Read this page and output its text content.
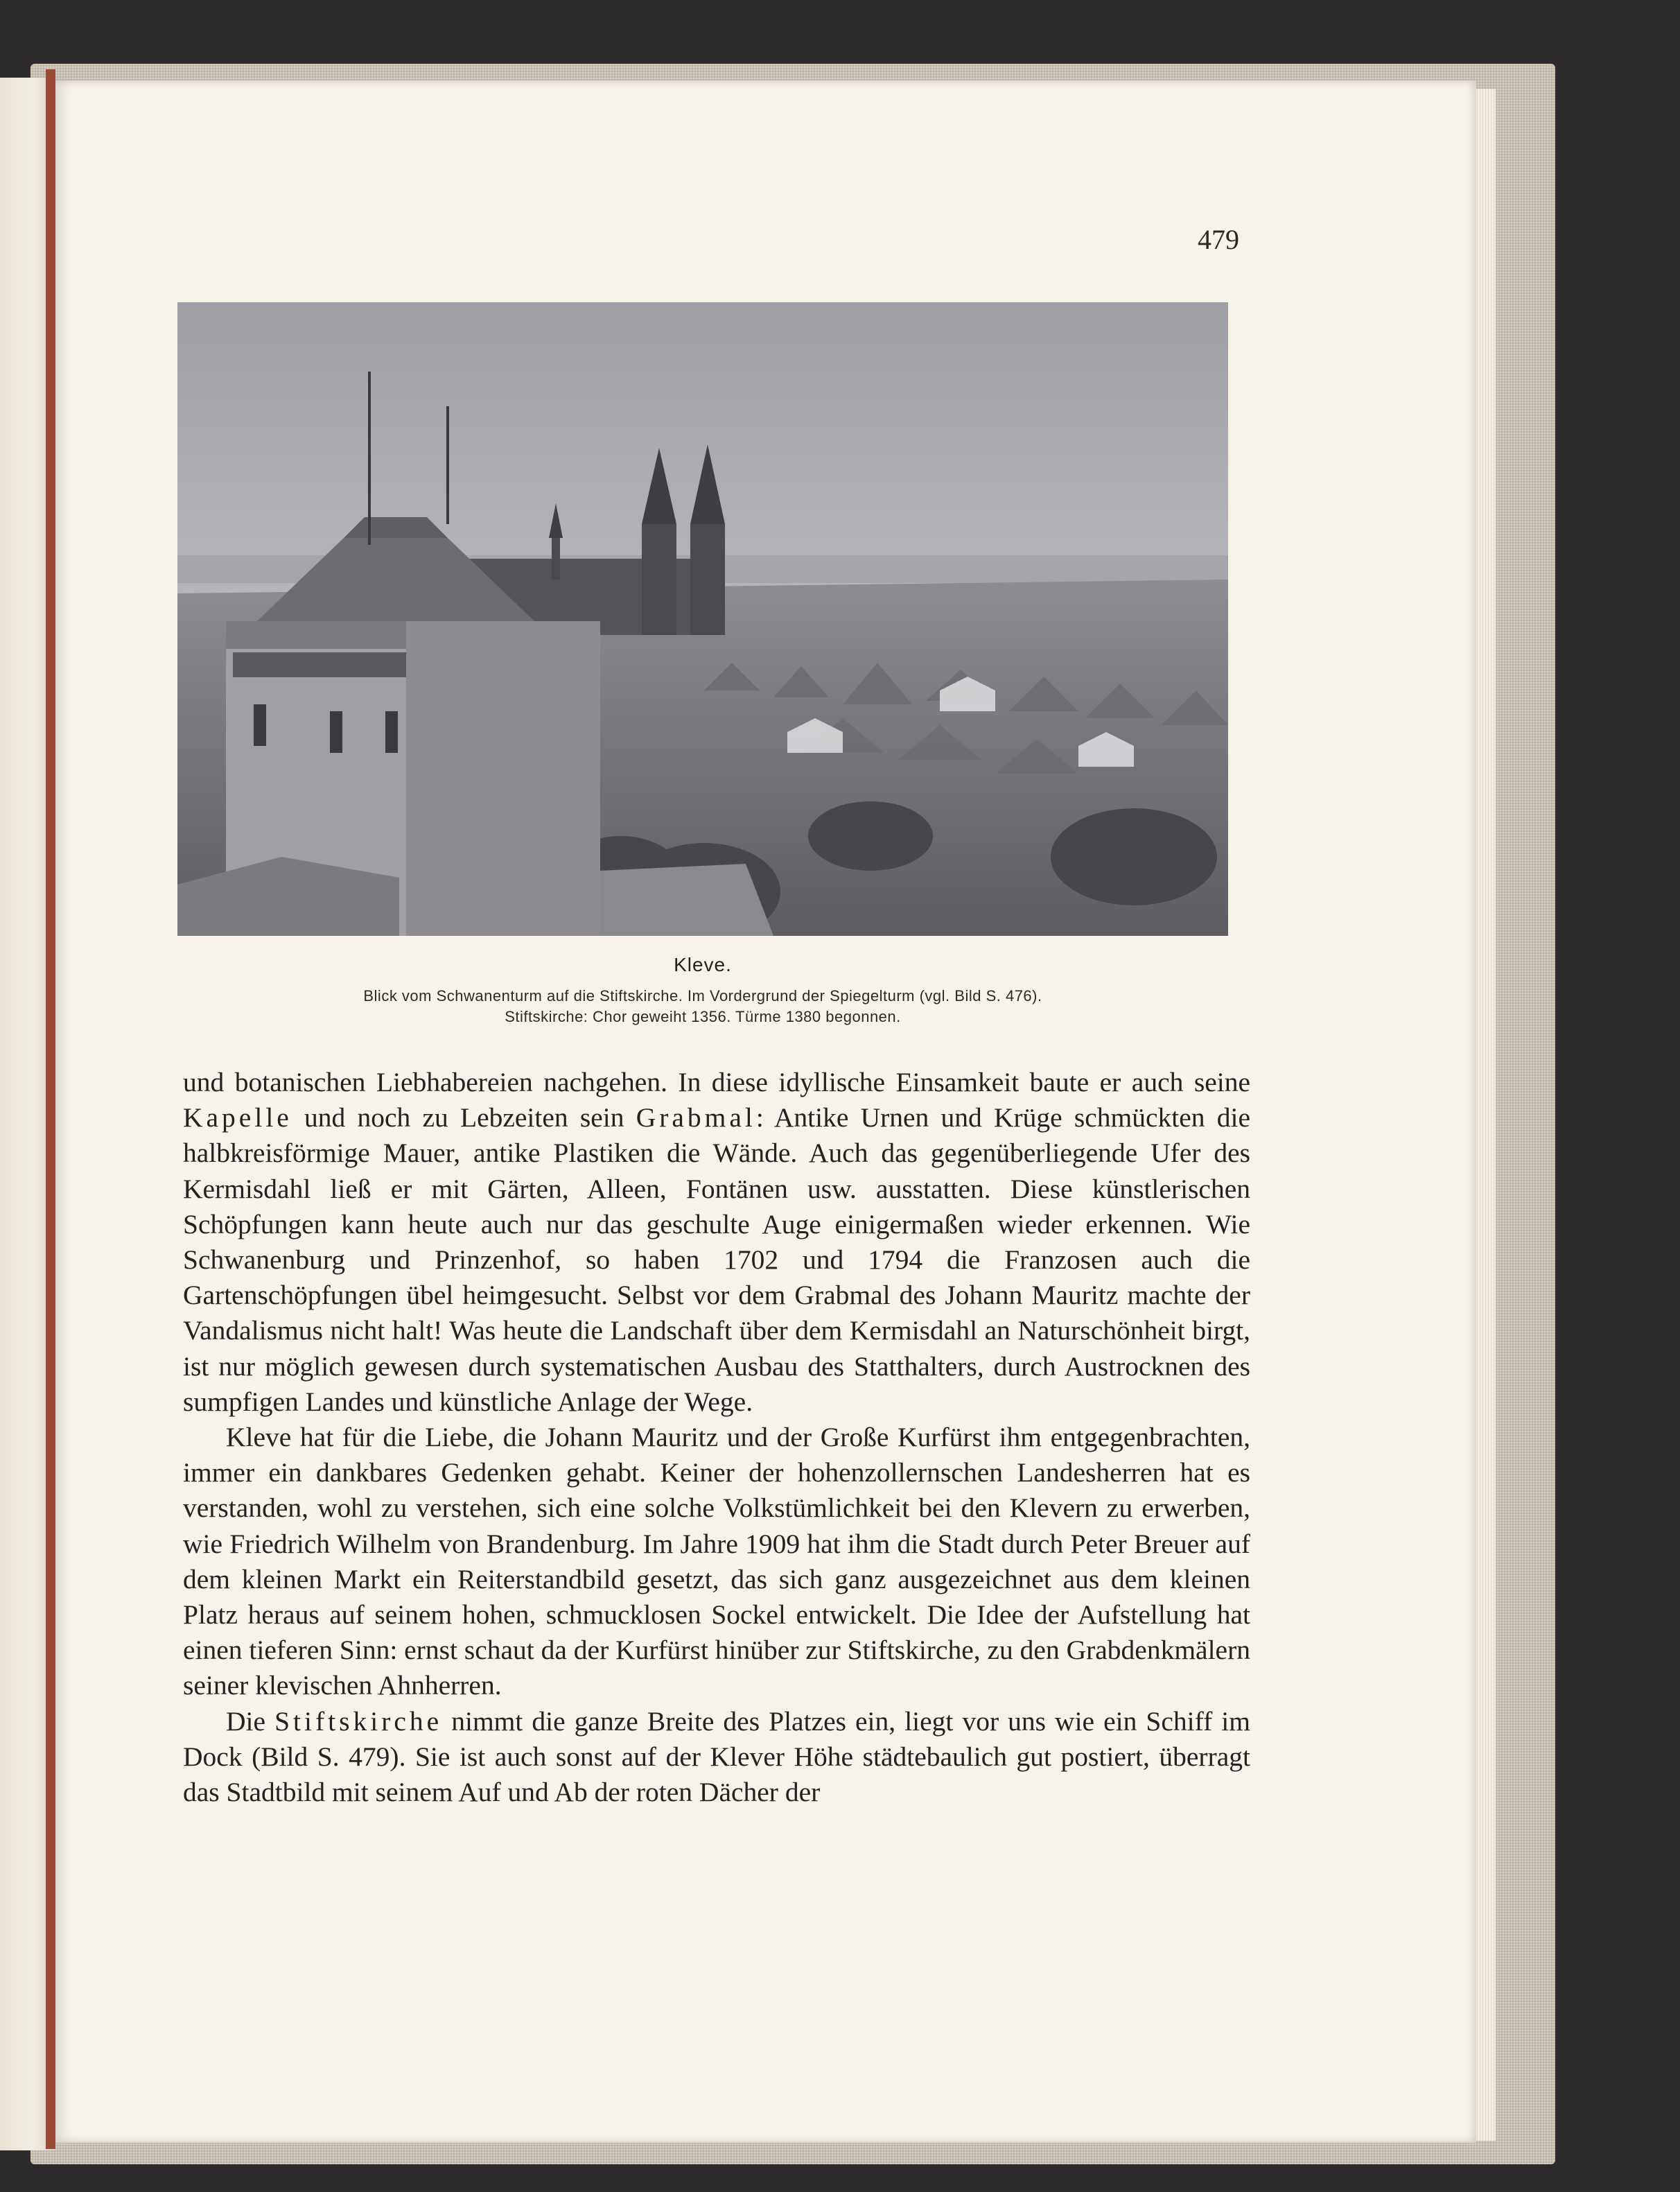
479
Kleve.
Blick vom Schwanenturm auf die Stiftskirche. Im Vordergrund der Spiegelturm (vgl. Bild S. 476).
Stiftskirche: Chor geweiht 1356. Türme 1380 begonnen.

und botanischen Liebhabereien nachgehen. In diese idyllische Einsamkeit baute er auch seine Kapelle und noch zu Lebzeiten sein Grabmal: Antike Urnen und Krüge schmückten die halbkreisförmige Mauer, antike Plastiken die Wände. Auch das gegenüberliegende Ufer des Kermisdahl ließ er mit Gärten, Alleen, Fontänen usw. ausstatten. Diese künstlerischen Schöpfungen kann heute auch nur das geschulte Auge einigermaßen wieder erkennen. Wie Schwanenburg und Prinzenhof, so haben 1702 und 1794 die Franzosen auch die Gartenschöpfungen übel heimgesucht. Selbst vor dem Grabmal des Johann Mauritz machte der Vandalismus nicht halt! Was heute die Landschaft über dem Kermisdahl an Naturschönheit birgt, ist nur möglich gewesen durch systematischen Ausbau des Statthalters, durch Austrocknen des sumpfigen Landes und künstliche Anlage der Wege.

Kleve hat für die Liebe, die Johann Mauritz und der Große Kurfürst ihm entgegenbrachten, immer ein dankbares Gedenken gehabt. Keiner der hohenzollernschen Landesherren hat es verstanden, wohl zu verstehen, sich eine solche Volkstümlichkeit bei den Klevern zu erwerben, wie Friedrich Wilhelm von Brandenburg. Im Jahre 1909 hat ihm die Stadt durch Peter Breuer auf dem kleinen Markt ein Reiterstandbild gesetzt, das sich ganz ausgezeichnet aus dem kleinen Platz heraus auf seinem hohen, schmucklosen Sockel entwickelt. Die Idee der Aufstellung hat einen tieferen Sinn: ernst schaut da der Kurfürst hinüber zur Stiftskirche, zu den Grabdenkmälern seiner klevischen Ahnherren.

Die Stiftskirche nimmt die ganze Breite des Platzes ein, liegt vor uns wie ein Schiff im Dock (Bild S. 479). Sie ist auch sonst auf der Klever Höhe städtebaulich gut postiert, überragt das Stadtbild mit seinem Auf und Ab der roten Dächer der
